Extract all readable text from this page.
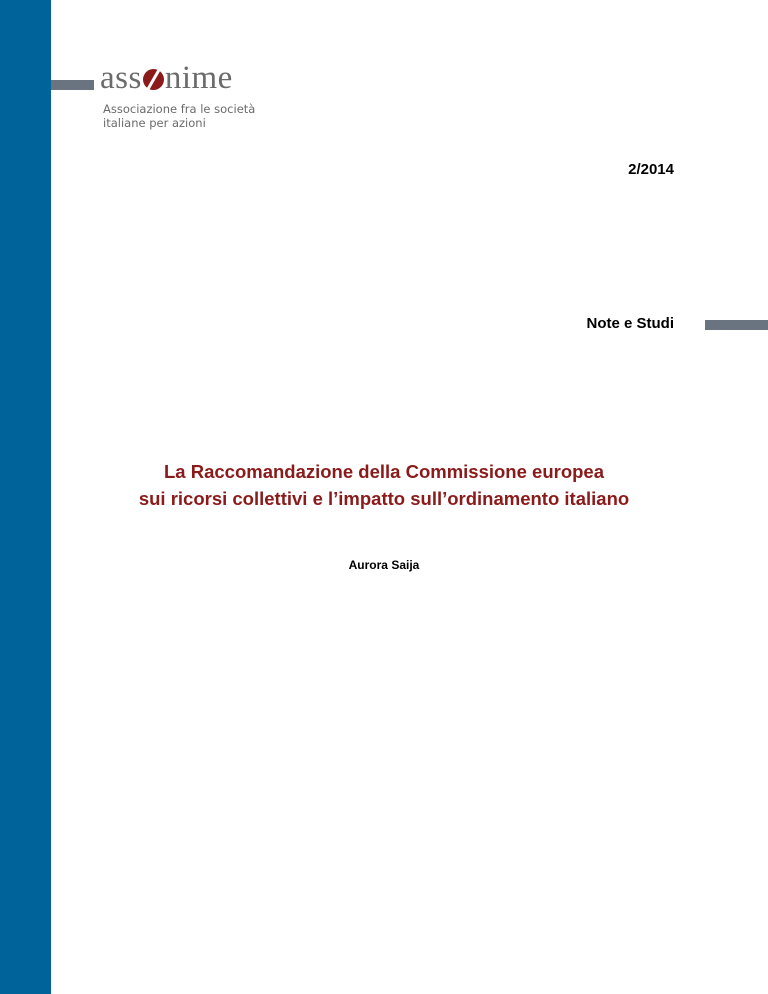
ass nime
Associazione fra le società
italiane per azioni
2/2014
Note e Studi
La Raccomandazione della Commissione europea
sui ricorsi collettivi e l’impatto sull’ordinamento italiano
Aurora Saija
